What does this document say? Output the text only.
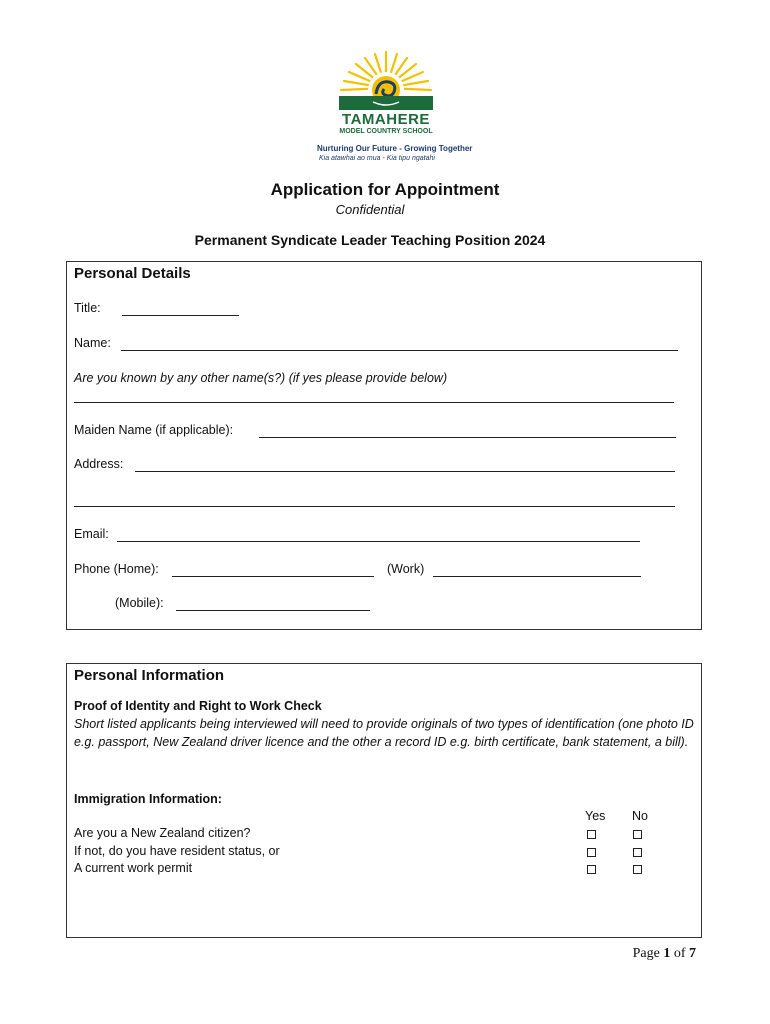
TAMAHERE
MODEL COUNTRY SCHOOL
Nurturing Our Future - Growing Together
Kia atawhai ao mua - Kia tipu ngatahi
Application for Appointment
Confidential
Permanent Syndicate Leader Teaching Position 2024
Personal Details
Title:
Name:
Are you known by any other name(s?) (if yes please provide below)
Maiden Name (if applicable):
Address:
Email:
Phone (Home):	(Work)
(Mobile):
Personal Information
Proof of Identity and Right to Work Check
Short listed applicants being interviewed will need to provide originals of two types of identification (one photo ID e.g. passport, New Zealand driver licence and the other a record ID e.g. birth certificate, bank statement, a bill).
Immigration Information:
Yes No
Are you a New Zealand citizen?
If not, do you have resident status, or
A current work permit
Page 1 of 7
